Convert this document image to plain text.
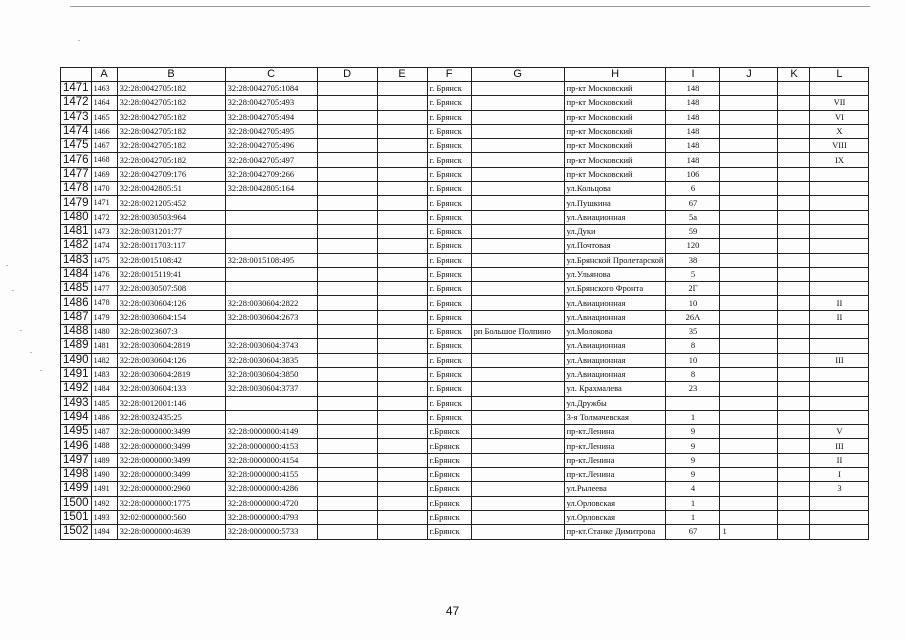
	A	B	C	D	E	F	G	H	I	J	K	L
1471	1463	32:28:0042705:182	32:28:0042705:1084			г. Брянск		пр-кт Московский	148			
1472	1464	32:28:0042705:182	32:28:0042705:493			г. Брянск		пр-кт Московский	148			VII
1473	1465	32:28:0042705:182	32:28:0042705:494			г. Брянск		пр-кт Московский	148			VI
1474	1466	32:28:0042705:182	32:28:0042705:495			г. Брянск		пр-кт Московский	148			X
1475	1467	32:28:0042705:182	32:28:0042705:496			г. Брянск		пр-кт Московский	148			VIII
1476	1468	32:28:0042705:182	32:28:0042705:497			г. Брянск		пр-кт Московский	148			IX
1477	1469	32:28:0042709:176	32:28:0042709:266			г. Брянск		пр-кт Московский	106			
1478	1470	32:28:0042805:51	32:28:0042805:164			г. Брянск		ул.Кольцова	6			
1479	1471	32:28:0021205:452				г. Брянск		ул.Пушкина	67			
1480	1472	32:28:0030503:964				г. Брянск		ул.Авиационная	5а			
1481	1473	32:28:0031201:77				г. Брянск		ул.Дуки	59			
1482	1474	32:28:0011703:117				г. Брянск		ул.Почтовая	120			
1483	1475	32:28:0015108:42	32:28:0015108:495			г. Брянск		ул.Брянской Пролетарской	38			
1484	1476	32:28:0015119:41				г. Брянск		ул.Ульянова	5			
1485	1477	32:28:0030507:508				г. Брянск		ул.Брянского Фронта	2Г			
1486	1478	32:28:0030604:126	32:28:0030604:2822			г. Брянск		ул.Авиационная	10			II
1487	1479	32:28:0030604:154	32:28:0030604:2673			г. Брянск		ул.Авиационная	26А			II
1488	1480	32:28:0023607:3				г. Брянск	рп Большое Полпино	ул.Молокова	35			
1489	1481	32:28:0030604:2819	32:28:0030604:3743			г. Брянск		ул.Авиационная	8			
1490	1482	32:28:0030604:126	32:28:0030604:3835			г. Брянск		ул.Авиационная	10			III
1491	1483	32:28:0030604:2819	32:28:0030604:3850			г. Брянск		ул.Авиационная	8			
1492	1484	32:28:0030604:133	32:28:0030604:3737			г. Брянск		ул. Крахмалева	23			
1493	1485	32:28:0012001:146				г. Брянск		ул.Дружбы				
1494	1486	32:28:0032435:25				г. Брянск		3-я Толмачевская	1			
1495	1487	32:28:0000000:3499	32:28:0000000:4149			г.Брянск		пр-кт.Ленина	9			V
1496	1488	32:28:0000000:3499	32:28:0000000:4153			г.Брянск		пр-кт.Ленина	9			III
1497	1489	32:28:0000000:3499	32:28:0000000:4154			г.Брянск		пр-кт.Ленина	9			II
1498	1490	32:28:0000000:3499	32:28:0000000:4155			г.Брянск		пр-кт.Ленина	9			I
1499	1491	32:28:0000000:2960	32:28:0000000:4286			г.Брянск		ул.Рылеева	4			3
1500	1492	32:28:0000000:1775	32:28:0000000:4720			г.Брянск		ул.Орловская	1			
1501	1493	32:02:0000000:560	32:28:0000000:4793			г.Брянск		ул.Орловская	1			
1502	1494	32:28:0000000:4639	32:28:0000000:5733			г.Брянск		пр-кт.Станке Димитрова	67	1		
47
